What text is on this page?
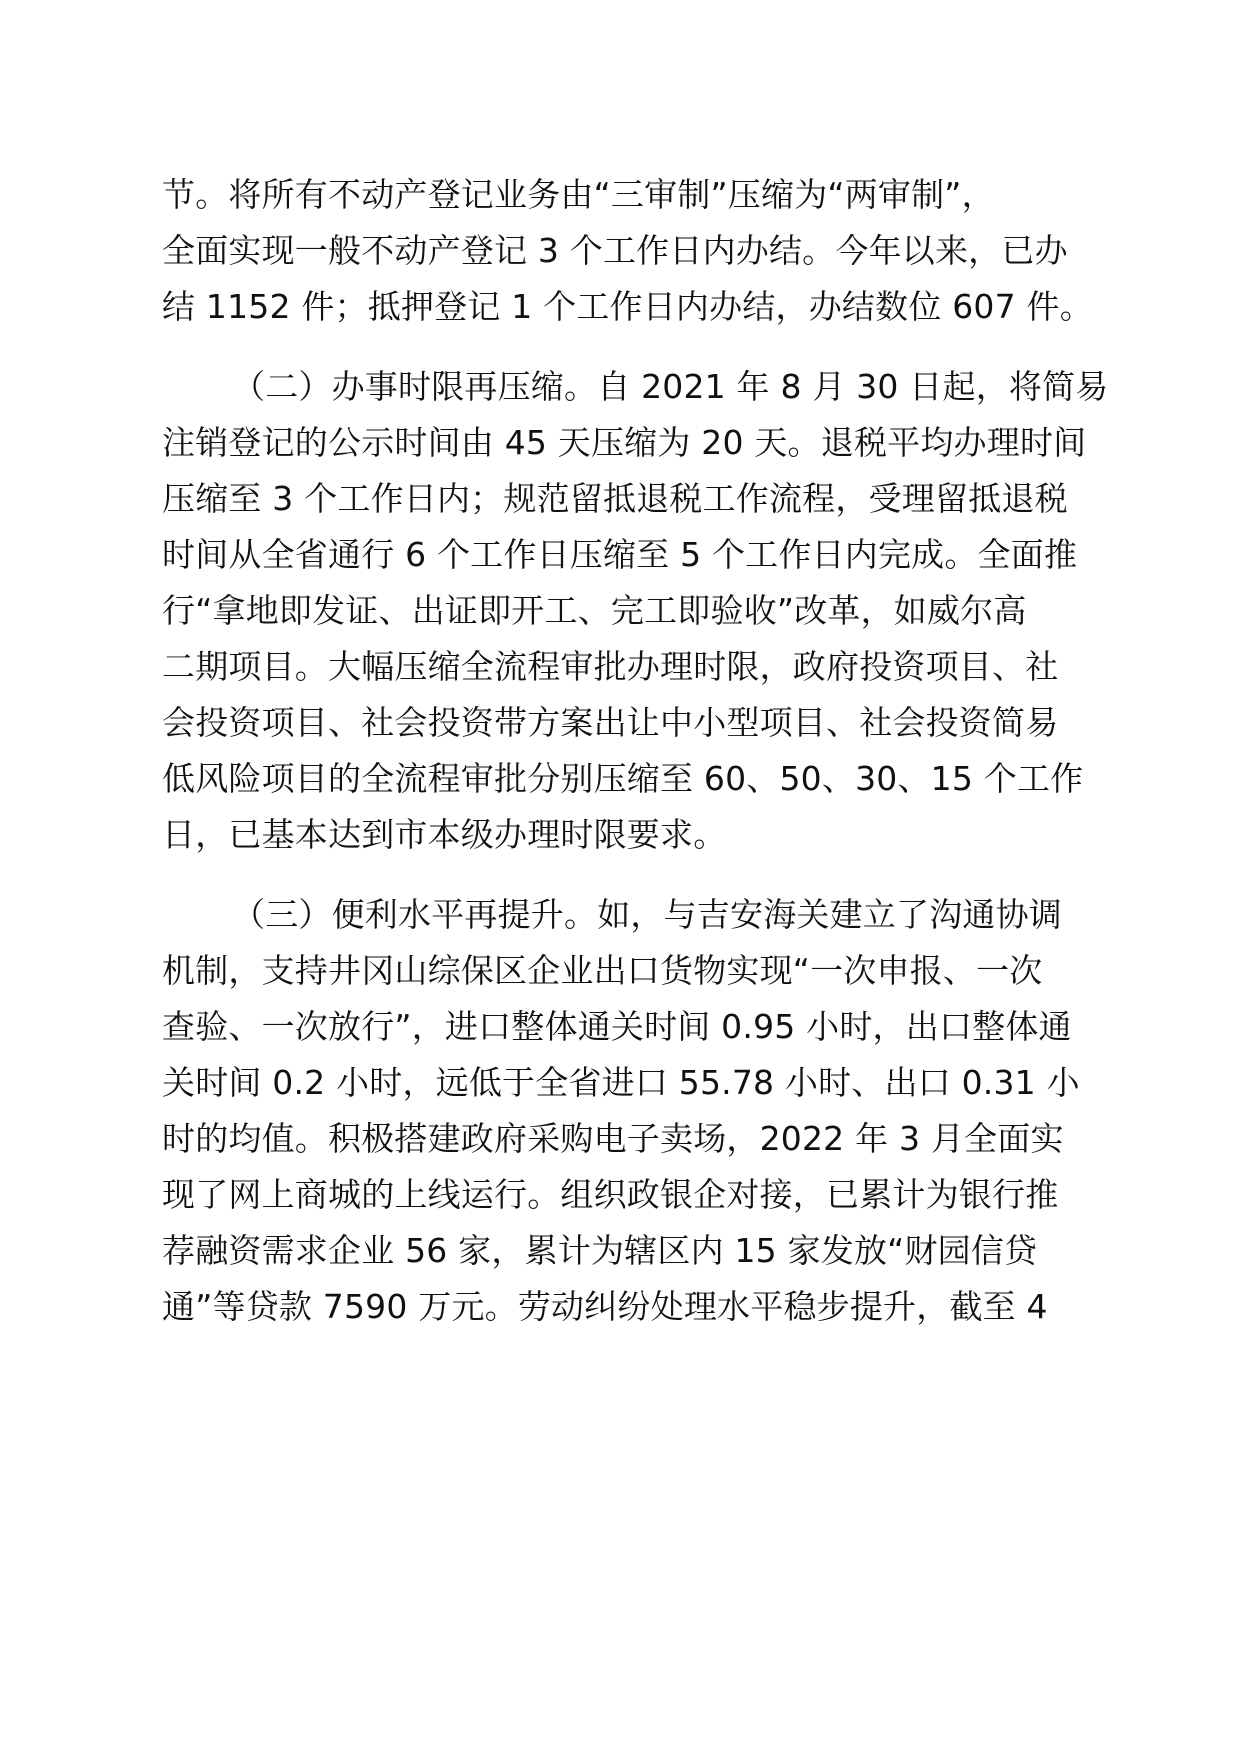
节。将所有不动产登记业务由“三审制”压缩为“两审制”，
全面实现一般不动产登记 3 个工作日内办结。今年以来，已办
结 1152 件；抵押登记 1 个工作日内办结，办结数位 607 件。
（二）办事时限再压缩。自 2021 年 8 月 30 日起，将简易
注销登记的公示时间由 45 天压缩为 20 天。退税平均办理时间
压缩至 3 个工作日内；规范留抵退税工作流程，受理留抵退税
时间从全省通行 6 个工作日压缩至 5 个工作日内完成。全面推
行“拿地即发证、出证即开工、完工即验收”改革，如威尔高
二期项目。大幅压缩全流程审批办理时限，政府投资项目、社
会投资项目、社会投资带方案出让中小型项目、社会投资简易
低风险项目的全流程审批分别压缩至 60、50、30、15 个工作
日，已基本达到市本级办理时限要求。
（三）便利水平再提升。如，与吉安海关建立了沟通协调
机制，支持井冈山综保区企业出口货物实现“一次申报、一次
查验、一次放行”，进口整体通关时间 0.95 小时，出口整体通
关时间 0.2 小时，远低于全省进口 55.78 小时、出口 0.31 小
时的均值。积极搭建政府采购电子卖场，2022 年 3 月全面实
现了网上商城的上线运行。组织政银企对接，已累计为银行推
荐融资需求企业 56 家，累计为辖区内 15 家发放“财园信贷
通”等贷款 7590 万元。劳动纠纷处理水平稳步提升，截至 4
